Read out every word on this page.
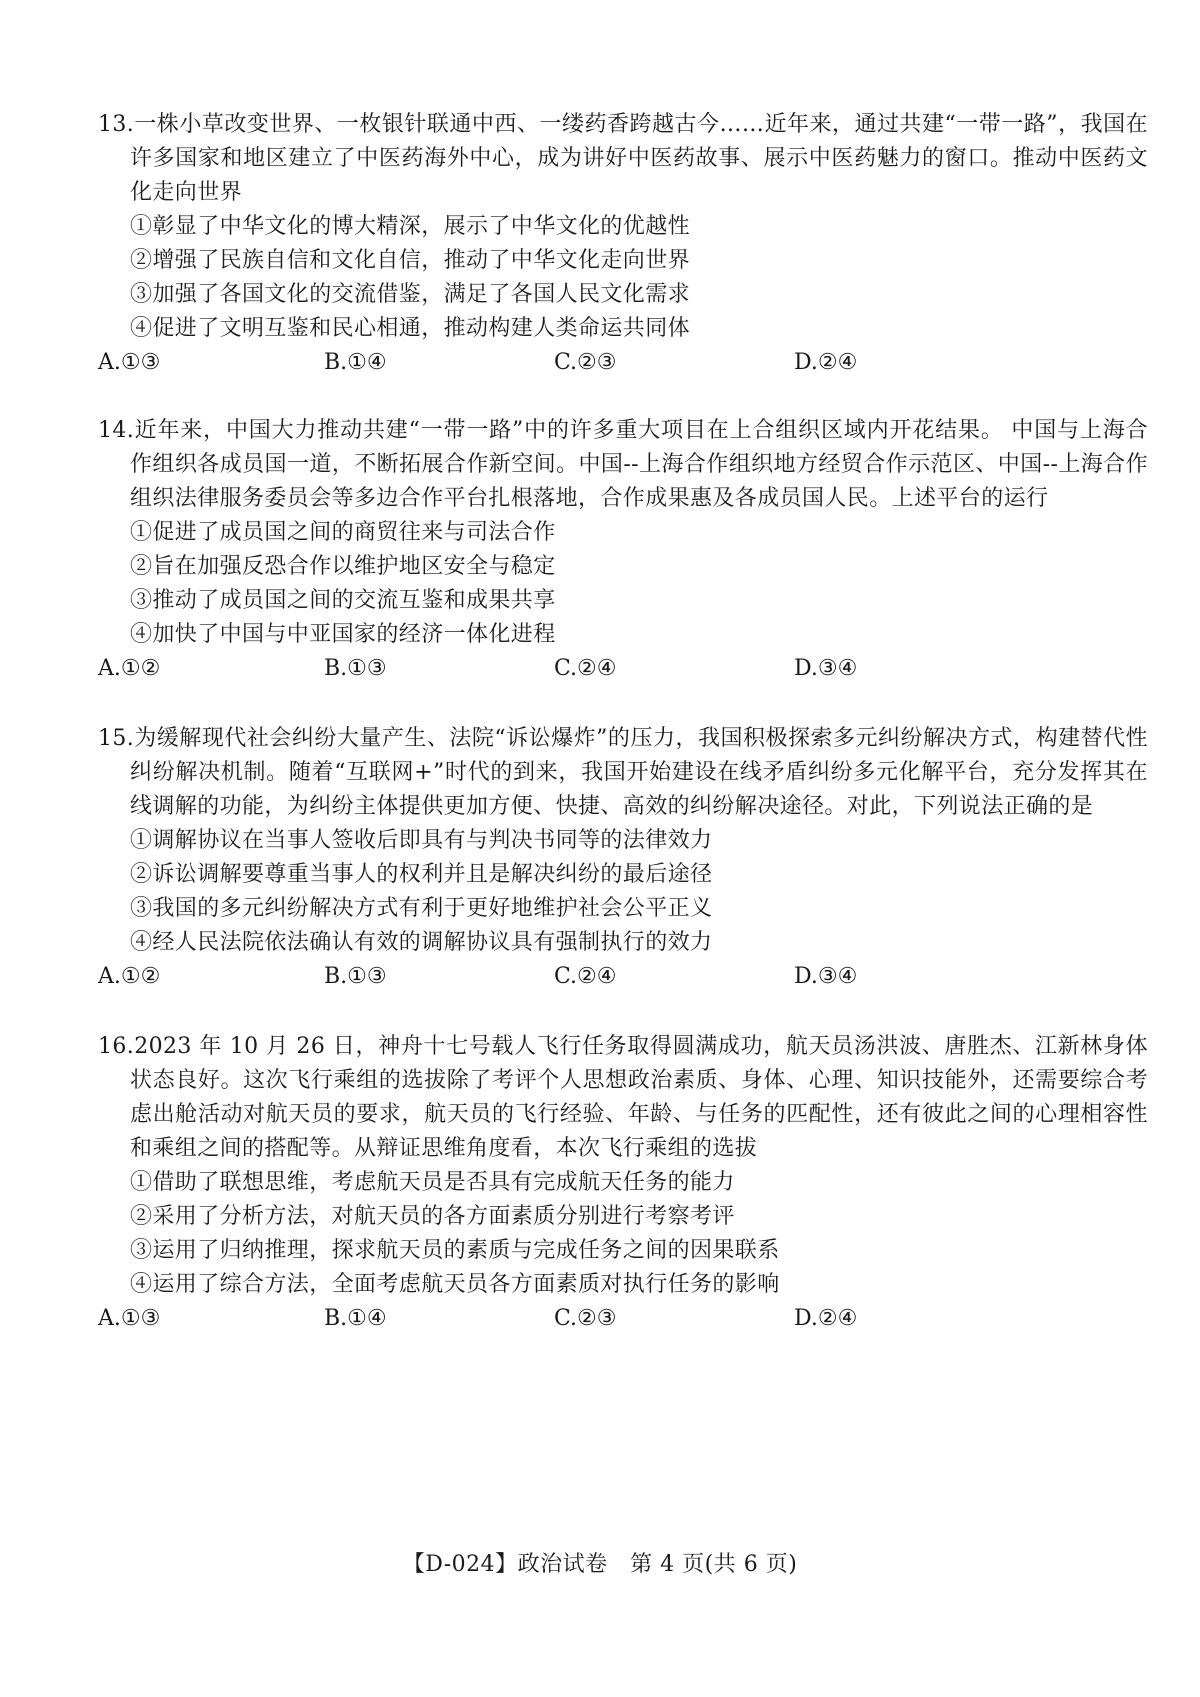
13.一株小草改变世界、一枚银针联通中西、一缕药香跨越古今……近年来，通过共建“一带一路”，我国在许多国家和地区建立了中医药海外中心，成为讲好中医药故事、展示中医药魅力的窗口。推动中医药文化走向世界
①彰显了中华文化的博大精深，展示了中华文化的优越性
②增强了民族自信和文化自信，推动了中华文化走向世界
③加强了各国文化的交流借鉴，满足了各国人民文化需求
④促进了文明互鉴和民心相通，推动构建人类命运共同体
A.①③	B.①④	C.②③	D.②④
14.近年来，中国大力推动共建“一带一路”中的许多重大项目在上合组织区域内开花结果。 中国与上海合作组织各成员国一道，不断拓展合作新空间。中国--上海合作组织地方经贸合作示范区、中国--上海合作组织法律服务委员会等多边合作平台扎根落地，合作成果惠及各成员国人民。上述平台的运行
①促进了成员国之间的商贸往来与司法合作
②旨在加强反恐合作以维护地区安全与稳定
③推动了成员国之间的交流互鉴和成果共享
④加快了中国与中亚国家的经济一体化进程
A.①②	B.①③	C.②④	D.③④
15.为缓解现代社会纠纷大量产生、法院“诉讼爆炸”的压力，我国积极探索多元纠纷解决方式，构建替代性纠纷解决机制。随着“互联网+”时代的到来，我国开始建设在线矛盾纠纷多元化解平台，充分发挥其在线调解的功能，为纠纷主体提供更加方便、快捷、高效的纠纷解决途径。对此，下列说法正确的是
①调解协议在当事人签收后即具有与判决书同等的法律效力
②诉讼调解要尊重当事人的权利并且是解决纠纷的最后途径
③我国的多元纠纷解决方式有利于更好地维护社会公平正义
④经人民法院依法确认有效的调解协议具有强制执行的效力
A.①②	B.①③	C.②④	D.③④
16.2023 年 10 月 26 日，神舟十七号载人飞行任务取得圆满成功，航天员汤洪波、唐胜杰、江新林身体状态良好。这次飞行乘组的选拔除了考评个人思想政治素质、身体、心理、知识技能外，还需要综合考虑出舱活动对航天员的要求，航天员的飞行经验、年龄、与任务的匹配性，还有彼此之间的心理相容性和乘组之间的搭配等。从辩证思维角度看，本次飞行乘组的选拔
①借助了联想思维，考虑航天员是否具有完成航天任务的能力
②采用了分析方法，对航天员的各方面素质分别进行考察考评
③运用了归纳推理，探求航天员的素质与完成任务之间的因果联系
④运用了综合方法，全面考虑航天员各方面素质对执行任务的影响
A.①③	B.①④	C.②③	D.②④
【D-024】政治试卷　第 4 页(共 6 页)
